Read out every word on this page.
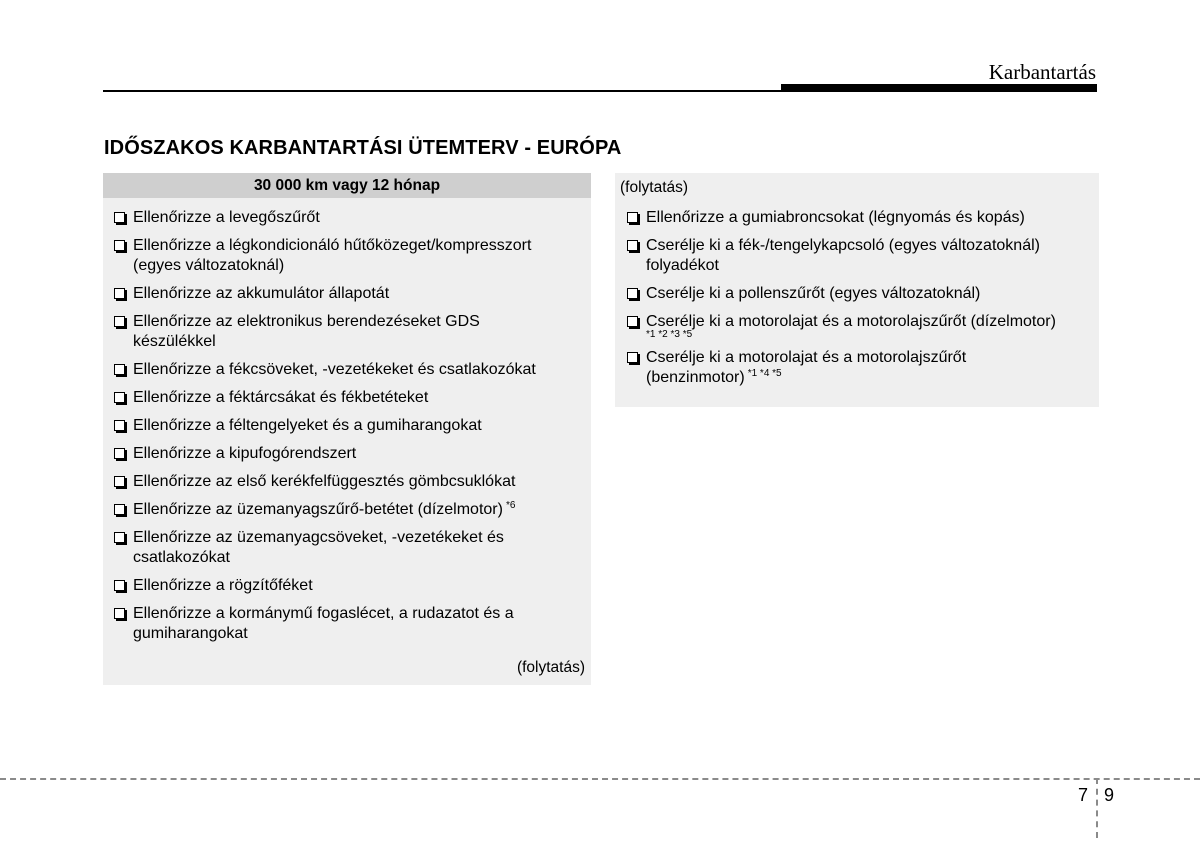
Karbantartás
IDŐSZAKOS KARBANTARTÁSI ÜTEMTERV - EURÓPA
30 000 km vagy 12 hónap
Ellenőrizze a levegőszűrőt
Ellenőrizze a légkondicionáló hűtőközeget/kompresszort
(egyes változatoknál)
Ellenőrizze az akkumulátor állapotát
Ellenőrizze az elektronikus berendezéseket GDS
készülékkel
Ellenőrizze a fékcsöveket, -vezetékeket és csatlakozókat
Ellenőrizze a féktárcsákat és fékbetéteket
Ellenőrizze a féltengelyeket és a gumiharangokat
Ellenőrizze a kipufogórendszert
Ellenőrizze az első kerékfelfüggesztés gömbcsuklókat
Ellenőrizze az üzemanyagszűrő-betétet (dízelmotor) $^{*6}$
Ellenőrizze az üzemanyagcsöveket, -vezetékeket és
csatlakozókat
Ellenőrizze a rögzítőféket
Ellenőrizze a kormánymű fogaslécet, a rudazatot és a
gumiharangokat
(folytatás)
(folytatás)
Ellenőrizze a gumiabroncsokat (légnyomás és kopás)
Cserélje ki a fék-/tengelykapcsoló (egyes változatoknál)
folyadékot
Cserélje ki a pollenszűrőt (egyes változatoknál)
Cserélje ki a motorolajat és a motorolajszűrőt (dízelmotor)
*1 *2 *3 *5
Cserélje ki a motorolajat és a motorolajszűrőt
(benzinmotor) $^{*1 *4 *5}$
7 9
